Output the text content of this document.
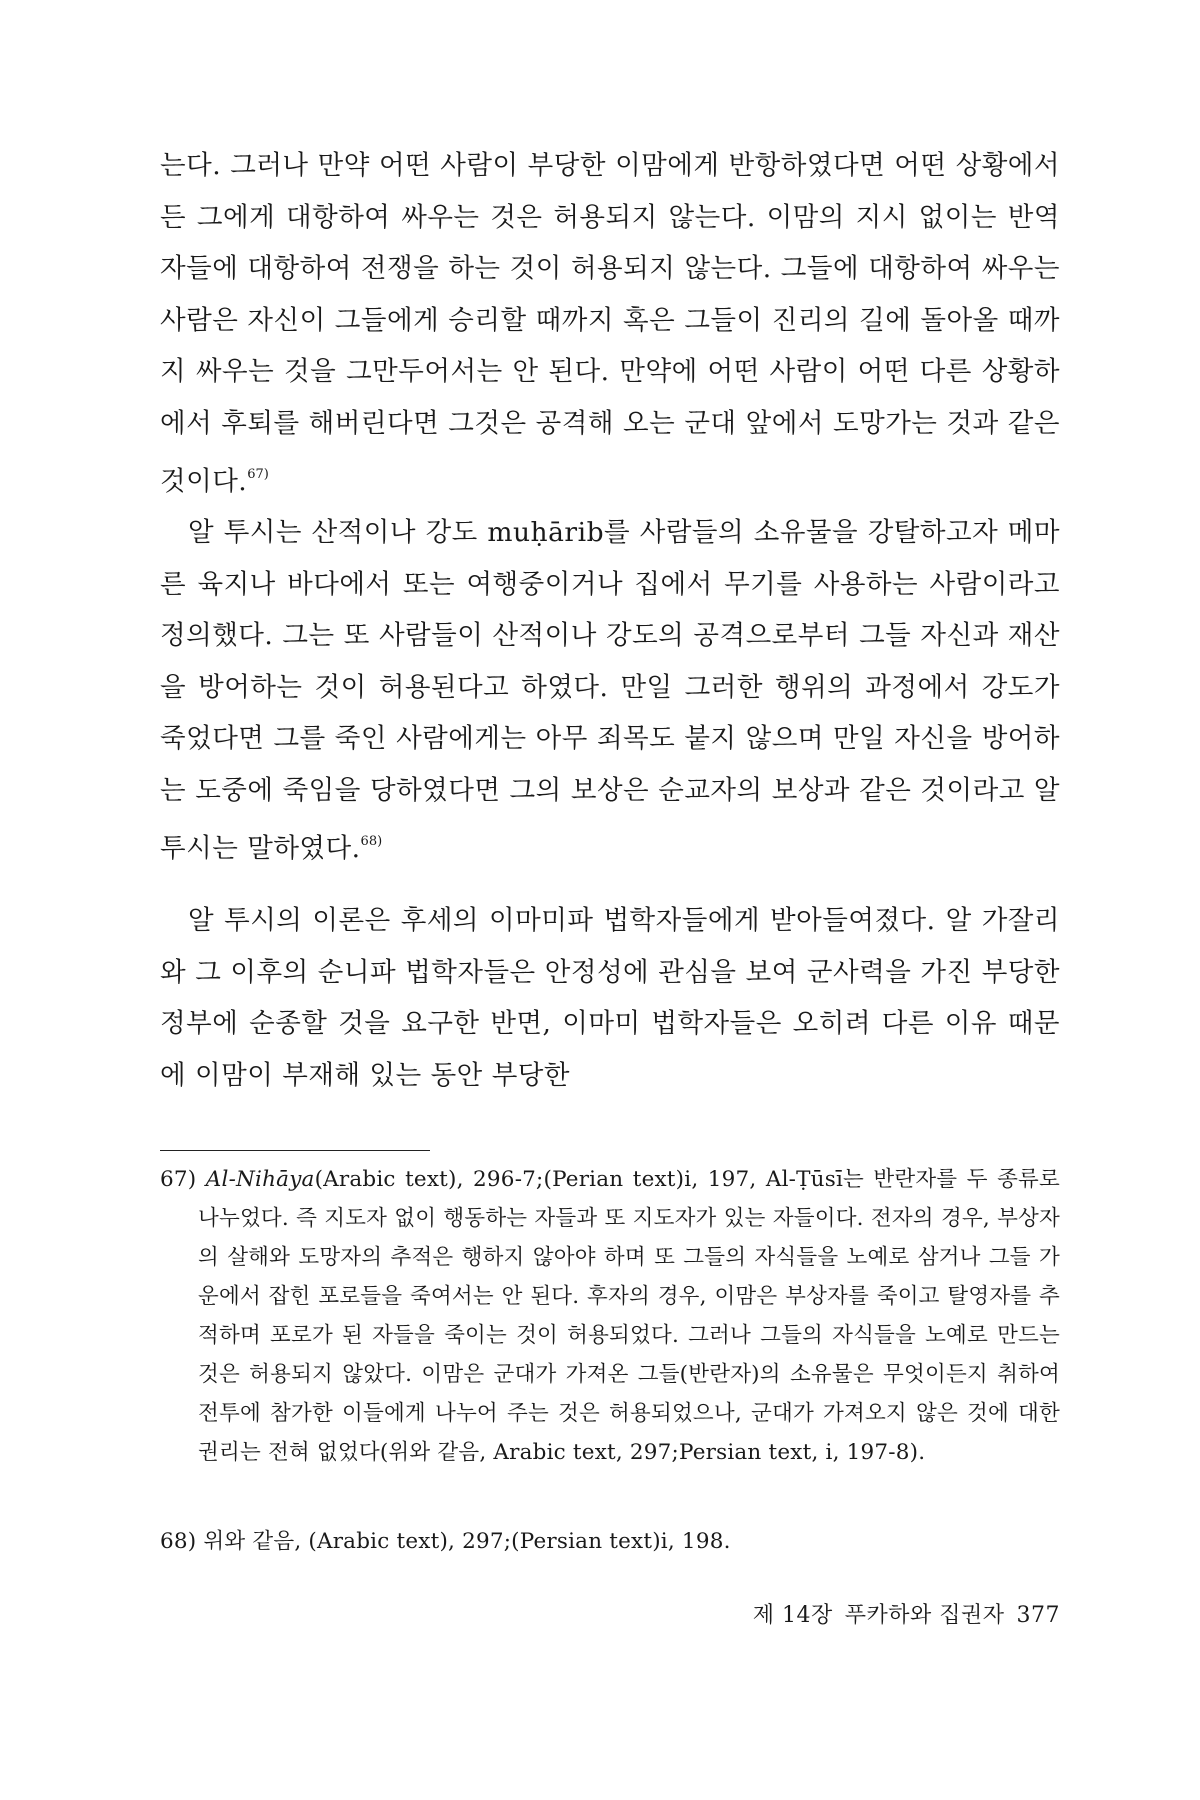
는다. 그러나 만약 어떤 사람이 부당한 이맘에게 반항하였다면 어떤 상황에서든 그에게 대항하여 싸우는 것은 허용되지 않는다. 이맘의 지시 없이는 반역자들에 대항하여 전쟁을 하는 것이 허용되지 않는다. 그들에 대항하여 싸우는 사람은 자신이 그들에게 승리할 때까지 혹은 그들이 진리의 길에 돌아올 때까지 싸우는 것을 그만두어서는 안 된다. 만약에 어떤 사람이 어떤 다른 상황하에서 후퇴를 해버린다면 그것은 공격해 오는 군대 앞에서 도망가는 것과 같은 것이다.$^{67)}$

알 투시는 산적이나 강도 muḥārib를 사람들의 소유물을 강탈하고자 메마른 육지나 바다에서 또는 여행중이거나 집에서 무기를 사용하는 사람이라고 정의했다. 그는 또 사람들이 산적이나 강도의 공격으로부터 그들 자신과 재산을 방어하는 것이 허용된다고 하였다. 만일 그러한 행위의 과정에서 강도가 죽었다면 그를 죽인 사람에게는 아무 죄목도 붙지 않으며 만일 자신을 방어하는 도중에 죽임을 당하였다면 그의 보상은 순교자의 보상과 같은 것이라고 알 투시는 말하였다.$^{68)}$

알 투시의 이론은 후세의 이마미파 법학자들에게 받아들여졌다. 알 가잘리와 그 이후의 순니파 법학자들은 안정성에 관심을 보여 군사력을 가진 부당한 정부에 순종할 것을 요구한 반면, 이마미 법학자들은 오히려 다른 이유 때문에 이맘이 부재해 있는 동안 부당한

67) Al-Nihāya(Arabic text), 296-7;(Perian text)i, 197, Al-Ṭūsī는 반란자를 두 종류로 나누었다. 즉 지도자 없이 행동하는 자들과 또 지도자가 있는 자들이다. 전자의 경우, 부상자의 살해와 도망자의 추적은 행하지 않아야 하며 또 그들의 자식들을 노예로 삼거나 그들 가운에서 잡힌 포로들을 죽여서는 안 된다. 후자의 경우, 이맘은 부상자를 죽이고 탈영자를 추적하며 포로가 된 자들을 죽이는 것이 허용되었다. 그러나 그들의 자식들을 노예로 만드는 것은 허용되지 않았다. 이맘은 군대가 가져온 그들(반란자)의 소유물은 무엇이든지 취하여 전투에 참가한 이들에게 나누어 주는 것은 허용되었으나, 군대가 가져오지 않은 것에 대한 권리는 전혀 없었다(위와 같음, Arabic text, 297;Persian text, i, 197-8).

68) 위와 같음, (Arabic text), 297;(Persian text)i, 198.

제 14장 푸카하와 집권자 377
